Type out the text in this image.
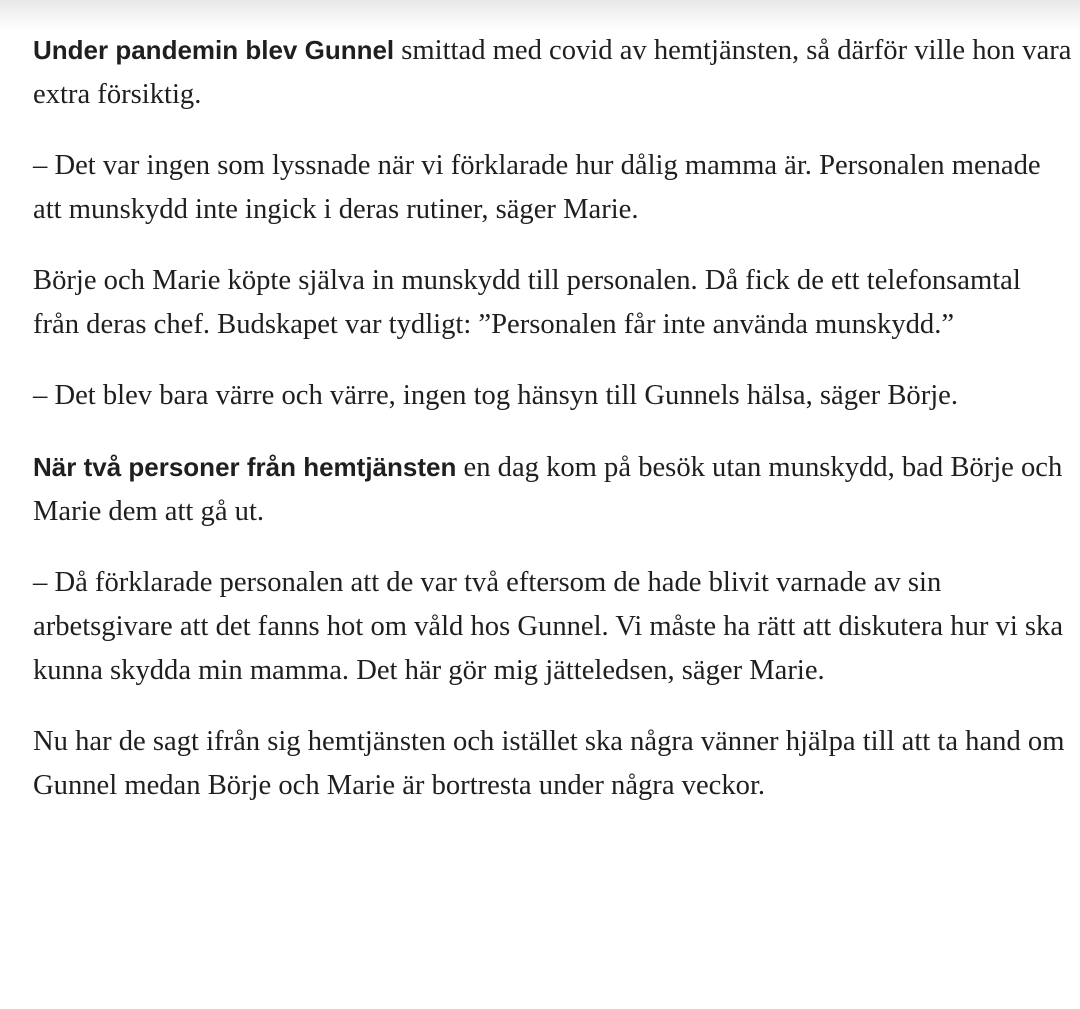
Under pandemin blev Gunnel smittad med covid av hemtjänsten, så därför ville hon vara extra försiktig.

– Det var ingen som lyssnade när vi förklarade hur dålig mamma är. Personalen menade att munskydd inte ingick i deras rutiner, säger Marie.

Börje och Marie köpte själva in munskydd till personalen. Då fick de ett telefonsamtal från deras chef. Budskapet var tydligt: ”Personalen får inte använda munskydd.”

– Det blev bara värre och värre, ingen tog hänsyn till Gunnels hälsa, säger Börje.

När två personer från hemtjänsten en dag kom på besök utan munskydd, bad Börje och Marie dem att gå ut.

– Då förklarade personalen att de var två eftersom de hade blivit varnade av sin arbetsgivare att det fanns hot om våld hos Gunnel. Vi måste ha rätt att diskutera hur vi ska kunna skydda min mamma. Det här gör mig jätteledsen, säger Marie.

Nu har de sagt ifrån sig hemtjänsten och istället ska några vänner hjälpa till att ta hand om Gunnel medan Börje och Marie är bortresta under några veckor.
